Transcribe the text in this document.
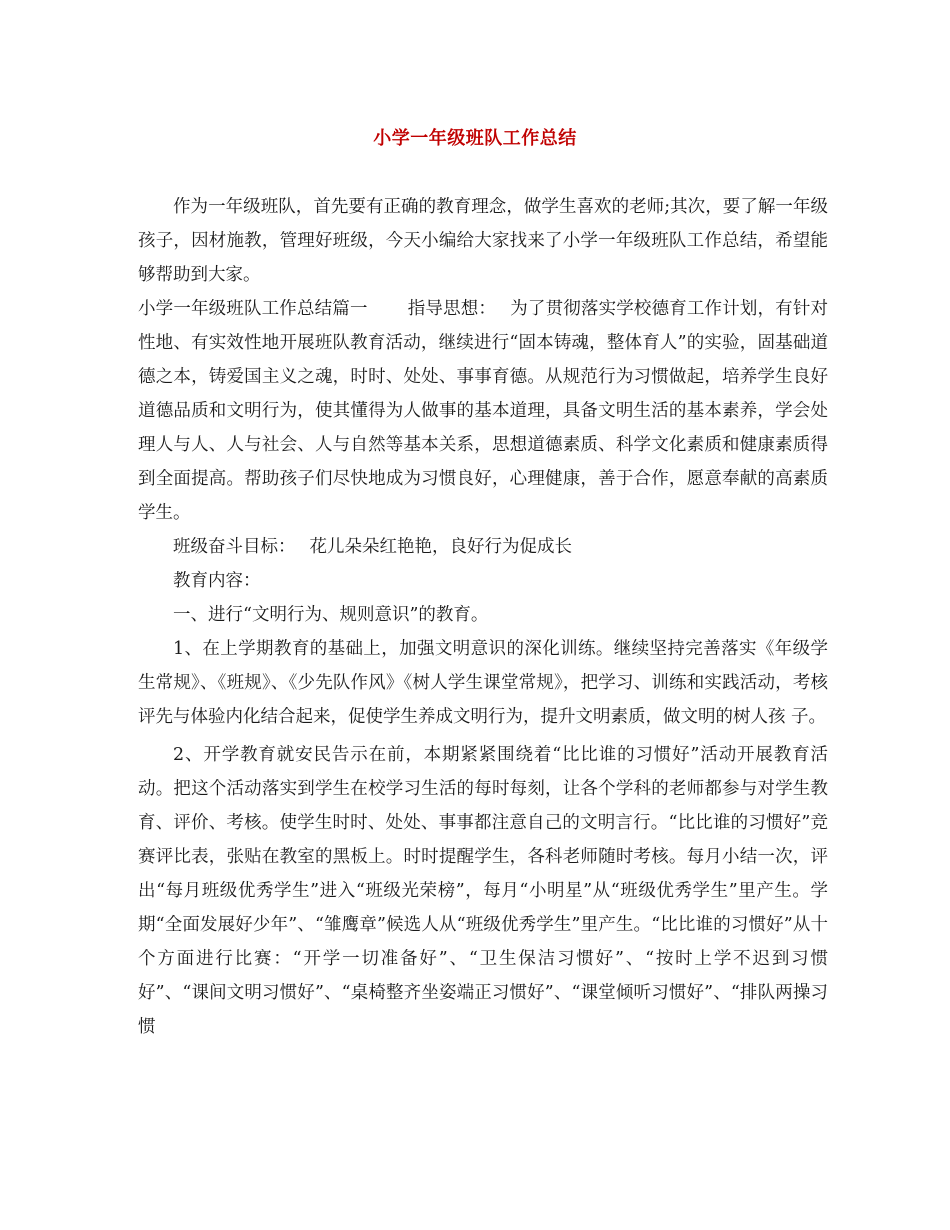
小学一年级班队工作总结

作为一年级班队，首先要有正确的教育理念，做学生喜欢的老师;其次，要了解一年级孩子，因材施教，管理好班级，今天小编给大家找来了小学一年级班队工作总结，希望能够帮助到大家。

小学一年级班队工作总结篇一 指导思想： 为了贯彻落实学校德育工作计划，有针对性地、有实效性地开展班队教育活动，继续进行“固本铸魂，整体育人”的实验，固基础道德之本，铸爱国主义之魂，时时、处处、事事育德。从规范行为习惯做起，培养学生良好道德品质和文明行为，使其懂得为人做事的基本道理，具备文明生活的基本素养，学会处理人与人、人与社会、人与自然等基本关系，思想道德素质、科学文化素质和健康素质得到全面提高。帮助孩子们尽快地成为习惯良好，心理健康，善于合作，愿意奉献的高素质学生。

班级奋斗目标： 花儿朵朵红艳艳，良好行为促成长

教育内容：

一、进行“文明行为、规则意识”的教育。

1、在上学期教育的基础上，加强文明意识的深化训练。继续坚持完善落实《年级学生常规》、《班规》、《少先队作风》《树人学生课堂常规》，把学习、训练和实践活动，考核评先与体验内化结合起来，促使学生养成文明行为，提升文明素质，做文明的树人孩 子。

2、开学教育就安民告示在前，本期紧紧围绕着“比比谁的习惯好”活动开展教育活动。把这个活动落实到学生在校学习生活的每时每刻，让各个学科的老师都参与对学生教育、评价、考核。使学生时时、处处、事事都注意自己的文明言行。“比比谁的习惯好”竞赛评比表，张贴在教室的黑板上。时时提醒学生，各科老师随时考核。每月小结一次，评出“每月班级优秀学生”进入“班级光荣榜”，每月“小明星”从“班级优秀学生”里产生。学期“全面发展好少年”、“雏鹰章”候选人从“班级优秀学生”里产生。“比比谁的习惯好”从十个方面进行比赛：“开学一切准备好”、“卫生保洁习惯好”、“按时上学不迟到习惯好”、“课间文明习惯好”、“桌椅整齐坐姿端正习惯好”、“课堂倾听习惯好”、“排队两操习惯
